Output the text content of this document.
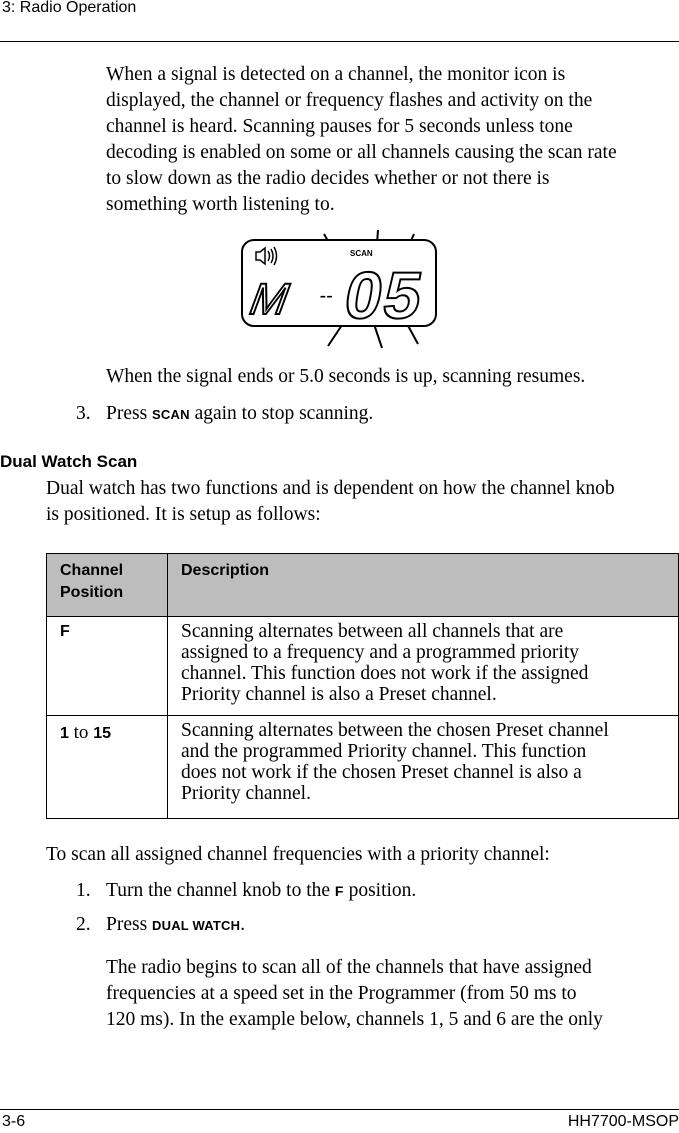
3: Radio Operation
When a signal is detected on a channel, the monitor icon is
displayed, the channel or frequency flashes and activity on the
channel is heard. Scanning pauses for 5 seconds unless tone
decoding is enabled on some or all channels causing the scan rate
to slow down as the radio decides whether or not there is
something worth listening to.
SCAN
M -- 05
When the signal ends or 5.0 seconds is up, scanning resumes.
3. Press SCAN again to stop scanning.
Dual Watch Scan
Dual watch has two functions and is dependent on how the channel knob
is positioned. It is setup as follows:
Channel
Position	Description

F	Scanning alternates between all channels that are
assigned to a frequency and a programmed priority
channel. This function does not work if the assigned
Priority channel is also a Preset channel.

1 to 15	Scanning alternates between the chosen Preset channel
and the programmed Priority channel. This function
does not work if the chosen Preset channel is also a
Priority channel.
To scan all assigned channel frequencies with a priority channel:
1. Turn the channel knob to the F position.
2. Press DUAL WATCH.
The radio begins to scan all of the channels that have assigned
frequencies at a speed set in the Programmer (from 50 ms to
120 ms). In the example below, channels 1, 5 and 6 are the only
3-6	HH7700-MSOP
